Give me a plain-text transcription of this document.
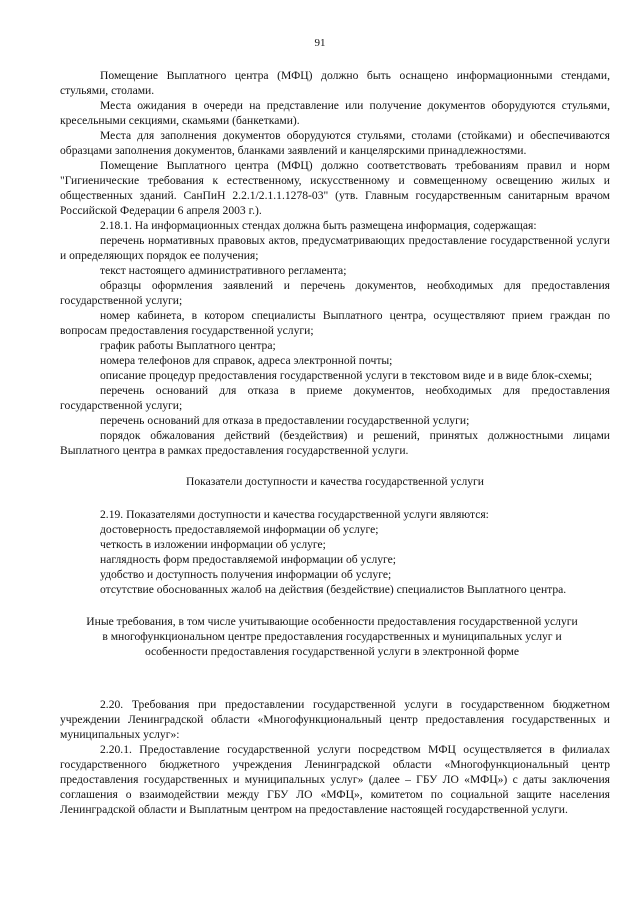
91

Помещение Выплатного центра (МФЦ) должно быть оснащено информационными стендами, стульями, столами.

Места ожидания в очереди на представление или получение документов оборудуются стульями, кресельными секциями, скамьями (банкетками).

Места для заполнения документов оборудуются стульями, столами (стойками) и обеспечиваются образцами заполнения документов, бланками заявлений и канцелярскими принадлежностями.

Помещение Выплатного центра (МФЦ) должно соответствовать требованиям правил и норм "Гигиенические требования к естественному, искусственному и совмещенному освещению жилых и общественных зданий. СанПиН 2.2.1/2.1.1.1278-03" (утв. Главным государственным санитарным врачом Российской Федерации 6 апреля 2003 г.).

2.18.1. На информационных стендах должна быть размещена информация, содержащая:

перечень нормативных правовых актов, предусматривающих предоставление государственной услуги и определяющих порядок ее получения;

текст настоящего административного регламента;

образцы оформления заявлений и перечень документов, необходимых для предоставления государственной услуги;

номер кабинета, в котором специалисты Выплатного центра, осуществляют прием граждан по вопросам предоставления государственной услуги;

график работы Выплатного центра;

номера телефонов для справок, адреса электронной почты;

описание процедур предоставления государственной услуги в текстовом виде и в виде блок-схемы;

перечень оснований для отказа в приеме документов, необходимых для предоставления государственной услуги;

перечень оснований для отказа в предоставлении государственной услуги;

порядок обжалования действий (бездействия) и решений, принятых должностными лицами Выплатного центра в рамках предоставления государственной услуги.

Показатели доступности и качества государственной услуги

2.19. Показателями доступности и качества государственной услуги являются:

достоверность предоставляемой информации об услуге;

четкость в изложении информации об услуге;

наглядность форм предоставляемой информации об услуге;

удобство и доступность получения информации об услуге;

отсутствие обоснованных жалоб на действия (бездействие) специалистов Выплатного центра.

Иные требования, в том числе учитывающие особенности предоставления государственной услуги
в многофункциональном центре предоставления государственных и муниципальных услуг и
особенности предоставления государственной услуги в электронной форме

2.20. Требования при предоставлении государственной услуги в государственном бюджетном учреждении Ленинградской области «Многофункциональный центр предоставления государственных и муниципальных услуг»:

2.20.1. Предоставление государственной услуги посредством МФЦ осуществляется в филиалах государственного бюджетного учреждения Ленинградской области «Многофункциональный центр предоставления государственных и муниципальных услуг» (далее – ГБУ ЛО «МФЦ») с даты заключения соглашения о взаимодействии между ГБУ ЛО «МФЦ», комитетом по социальной защите населения Ленинградской области и Выплатным центром на предоставление настоящей государственной услуги.
